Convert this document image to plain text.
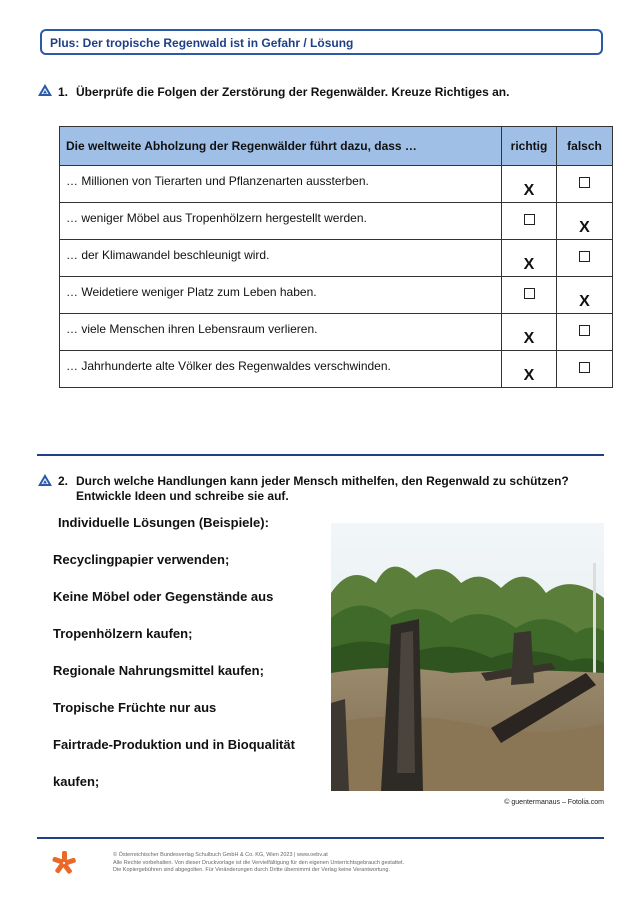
Plus: Der tropische Regenwald ist in Gefahr / Lösung
1. Überprüfe die Folgen der Zerstörung der Regenwälder. Kreuze Richtiges an.
Die weltweite Abholzung der Regenwälder führt dazu, dass …	richtig	falsch
… Millionen von Tierarten und Pflanzenarten aussterben.	X	
… weniger Möbel aus Tropenhölzern hergestellt werden.		X
… der Klimawandel beschleunigt wird.	X	
… Weidetiere weniger Platz zum Leben haben.		X
… viele Menschen ihren Lebensraum verlieren.	X	
… Jahrhunderte alte Völker des Regenwaldes verschwinden.	X	
2. Durch welche Handlungen kann jeder Mensch mithelfen, den Regenwald zu schützen?
Entwickle Ideen und schreibe sie auf.
Individuelle Lösungen (Beispiele):
Recyclingpapier verwenden;
Keine Möbel oder Gegenstände aus
Tropenhölzern kaufen;
Regionale Nahrungsmittel kaufen;
Tropische Früchte nur aus
Fairtrade-Produktion und in Bioqualität
kaufen;
© guentermanaus – Fotolia.com
© Österreichischer Bundesverlag Schulbuch GmbH & Co. KG, Wien 2023 | www.oebv.at
Alle Rechte vorbehalten. Von dieser Druckvorlage ist die Vervielfältigung für den eigenen Unterrichtsgebrauch gestattet.
Die Kopiergebühren sind abgegolten. Für Veränderungen durch Dritte übernimmt der Verlag keine Verantwortung.
